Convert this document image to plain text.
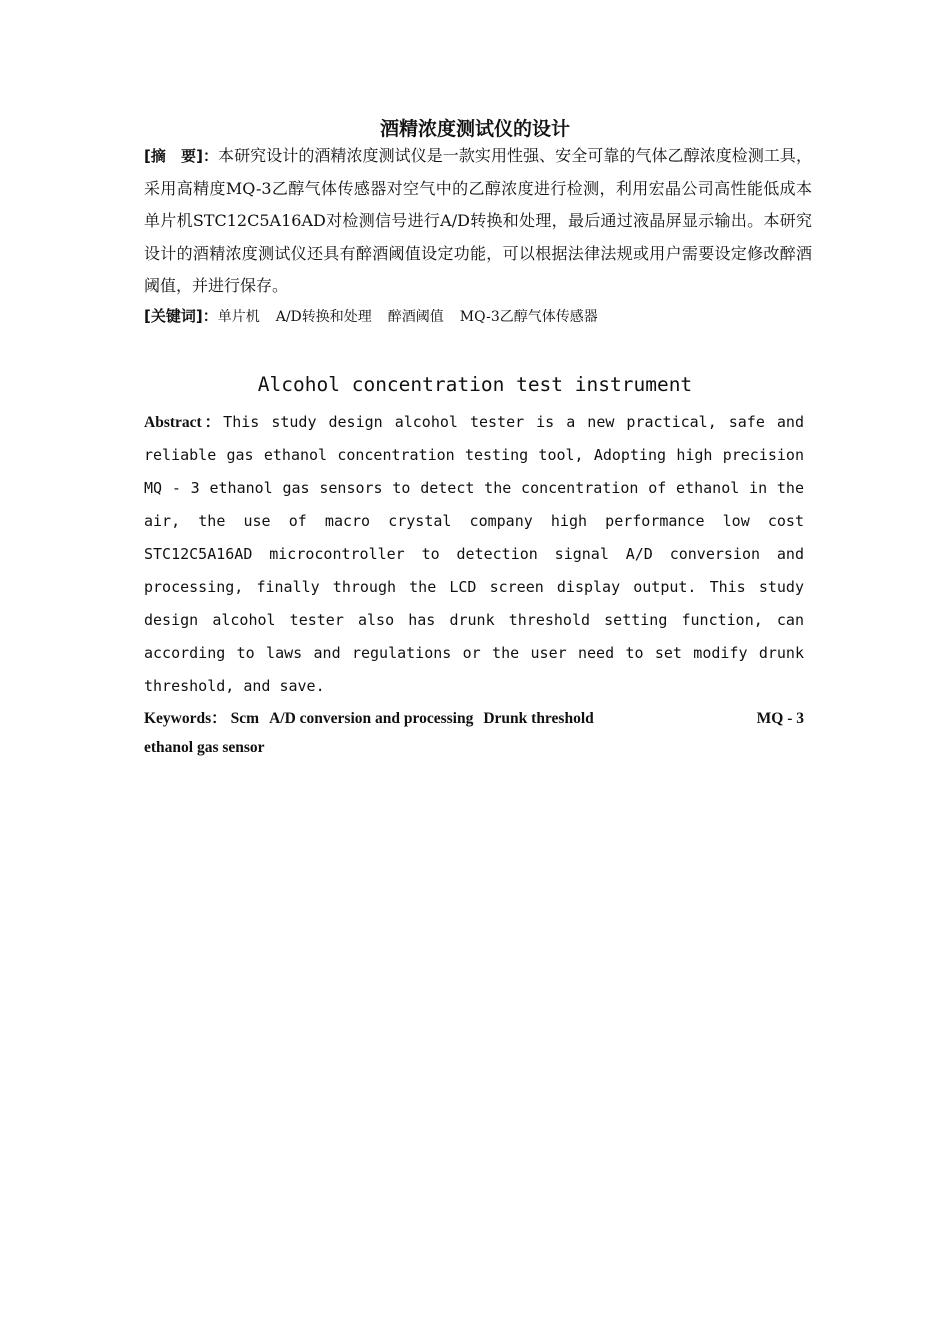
酒精浓度测试仪的设计
[摘　要]：本研究设计的酒精浓度测试仪是一款实用性强、安全可靠的气体乙醇浓度检测工具，采用高精度MQ-3乙醇气体传感器对空气中的乙醇浓度进行检测，利用宏晶公司高性能低成本单片机STC12C5A16AD对检测信号进行A/D转换和处理，最后通过液晶屏显示输出。本研究设计的酒精浓度测试仪还具有醉酒阈值设定功能，可以根据法律法规或用户需要设定修改醉酒阈值，并进行保存。
[关键词]：单片机 A/D转换和处理 醉酒阈值 MQ-3乙醇气体传感器
Alcohol concentration test instrument
Abstract：This study design alcohol tester is a new practical, safe and reliable gas ethanol concentration testing tool, Adopting high precision MQ - 3 ethanol gas sensors to detect the concentration of ethanol in the air, the use of macro crystal company high performance low cost STC12C5A16AD microcontroller to detection signal A/D conversion and processing, finally through the LCD screen display output. This study design alcohol tester also has drunk threshold setting function, can according to laws and regulations or the user need to set modify drunk threshold, and save.
Keywords： Scm A/D conversion and processing Drunk threshold	MQ - 3
ethanol gas sensor
